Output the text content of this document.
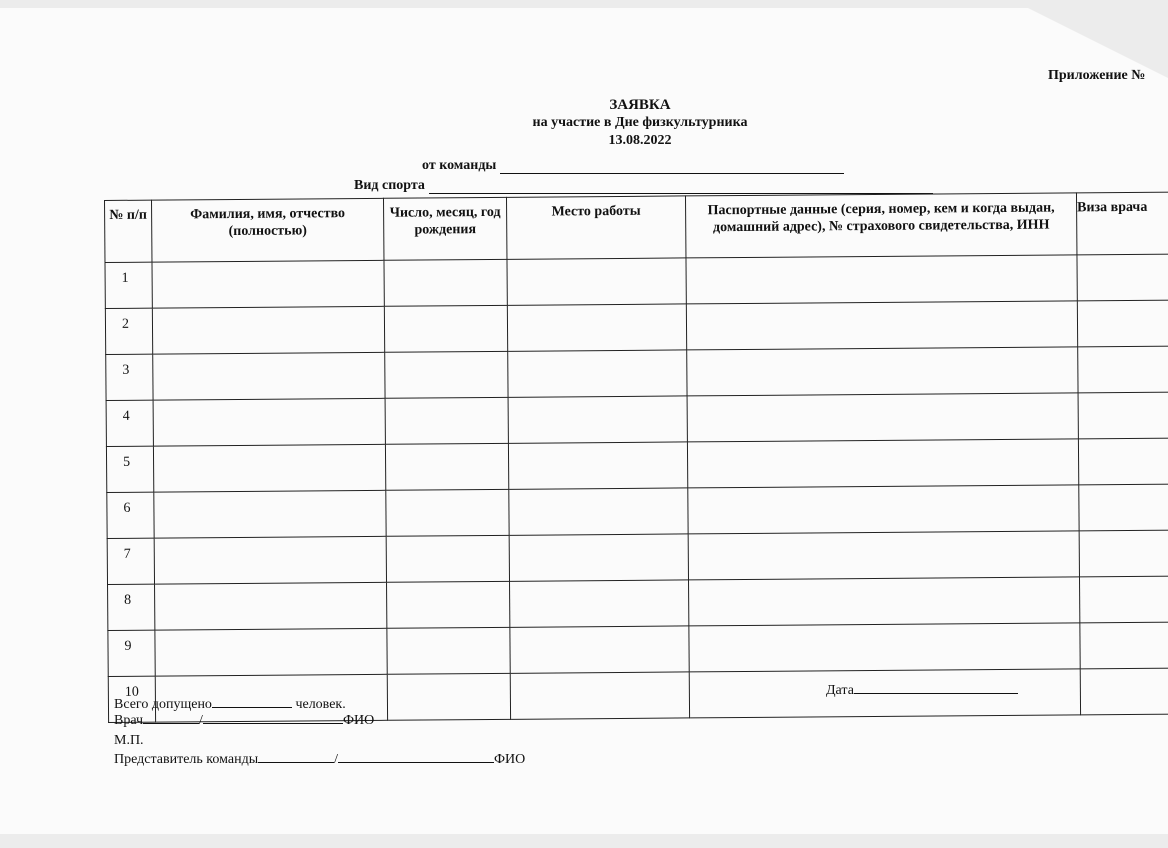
Приложение №
ЗАЯВКА
на участие в Дне физкультурника
13.08.2022
от команды
Вид спорта
№ п/п	Фамилия, имя, отчество (полностью)	Число, месяц, год рождения	Место работы	Паспортные данные (серия, номер, кем и когда выдан, домашний адрес), № страхового свидетельства, ИНН	Виза врача
1					
2					
3					
4					
5					
6					
7					
8					
9					
10					
Всего допущено	человек.
Врач	/	ФИО
М.П.
Представитель команды	/	ФИО
Дата
